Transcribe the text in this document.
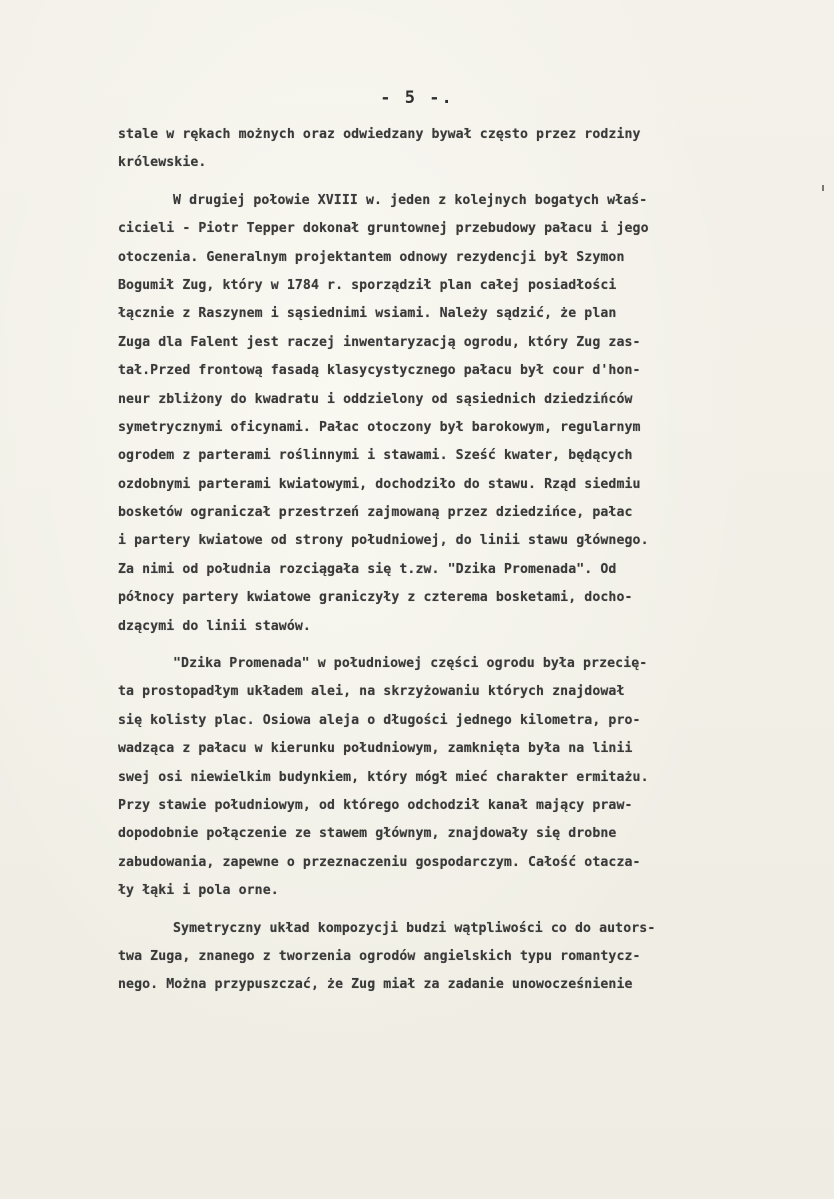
- 5 -.
stale w rękach możnych oraz odwiedzany bywał często przez rodziny
królewskie.
W drugiej połowie XVIII w. jeden z kolejnych bogatych właś-
cicieli - Piotr Tepper dokonał gruntownej przebudowy pałacu i jego
otoczenia. Generalnym projektantem odnowy rezydencji był Szymon
Bogumił Zug, który w 1784 r. sporządził plan całej posiadłości
łącznie z Raszynem i sąsiednimi wsiami. Należy sądzić, że plan
Zuga dla Falent jest raczej inwentaryzacją ogrodu, który Zug zas-
tał.Przed frontową fasadą klasycystycznego pałacu był cour d'hon-
neur zbliżony do kwadratu i oddzielony od sąsiednich dziedzińców
symetrycznymi oficynami. Pałac otoczony był barokowym, regularnym
ogrodem z parterami roślinnymi i stawami. Sześć kwater, będących
ozdobnymi parterami kwiatowymi, dochodziło do stawu. Rząd siedmiu
bosketów ograniczał przestrzeń zajmowaną przez dziedzińce, pałac
i partery kwiatowe od strony południowej, do linii stawu głównego.
Za nimi od południa rozciągała się t.zw. "Dzika Promenada". Od
północy partery kwiatowe graniczyły z czterema bosketami, docho-
dzącymi do linii stawów.
"Dzika Promenada" w południowej części ogrodu była przecię-
ta prostopadłym układem alei, na skrzyżowaniu których znajdował
się kolisty plac. Osiowa aleja o długości jednego kilometra, pro-
wadząca z pałacu w kierunku południowym, zamknięta była na linii
swej osi niewielkim budynkiem, który mógł mieć charakter ermitażu.
Przy stawie południowym, od którego odchodził kanał mający praw-
dopodobnie połączenie ze stawem głównym, znajdowały się drobne
zabudowania, zapewne o przeznaczeniu gospodarczym. Całość otacza-
ły łąki i pola orne.
Symetryczny układ kompozycji budzi wątpliwości co do autors-
twa Zuga, znanego z tworzenia ogrodów angielskich typu romantycz-
nego. Można przypuszczać, że Zug miał za zadanie unowocześnienie
